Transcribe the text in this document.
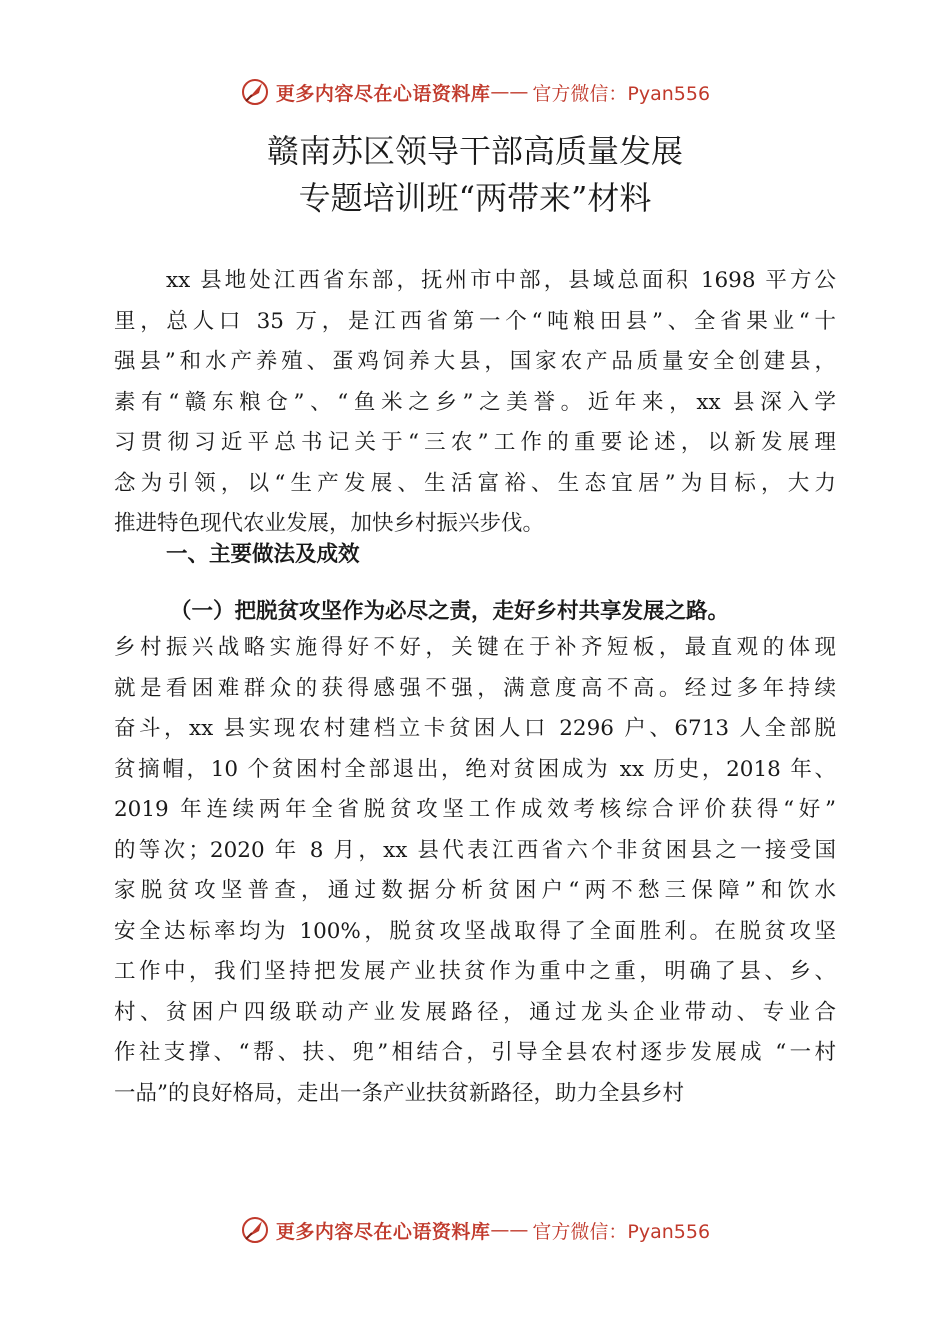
更多内容尽在心语资料库 —— 官方微信：Pyan556
赣南苏区领导干部高质量发展
专题培训班“两带来”材料
xx 县地处江西省东部，抚州市中部，县域总面积 1698 平方公
里，总人口 35 万，是江西省第一个“吨粮田县”、全省果业“十
强县”和水产养殖、蛋鸡饲养大县，国家农产品质量安全创建县，
素有“赣东粮仓”、“鱼米之乡”之美誉。近年来，xx 县深入学
习贯彻习近平总书记关于“三农”工作的重要论述，以新发展理
念为引领，以“生产发展、生活富裕、生态宜居”为目标，大力
推进特色现代农业发展，加快乡村振兴步伐。
一、主要做法及成效
（一）把脱贫攻坚作为必尽之责，走好乡村共享发展之路。
乡村振兴战略实施得好不好，关键在于补齐短板，最直观的体现
就是看困难群众的获得感强不强，满意度高不高。经过多年持续
奋斗，xx 县实现农村建档立卡贫困人口 2296 户、6713 人全部脱
贫摘帽，10 个贫困村全部退出，绝对贫困成为 xx 历史，2018 年、
2019 年连续两年全省脱贫攻坚工作成效考核综合评价获得“好”
的等次；2020 年 8 月，xx 县代表江西省六个非贫困县之一接受国
家脱贫攻坚普查，通过数据分析贫困户“两不愁三保障”和饮水
安全达标率均为 100%，脱贫攻坚战取得了全面胜利。在脱贫攻坚
工作中，我们坚持把发展产业扶贫作为重中之重，明确了县、乡、
村、贫困户四级联动产业发展路径，通过龙头企业带动、专业合
作社支撑、“帮、扶、兜”相结合，引导全县农村逐步发展成 “一村
一品”的良好格局，走出一条产业扶贫新路径，助力全县乡村
更多内容尽在心语资料库 —— 官方微信：Pyan556
